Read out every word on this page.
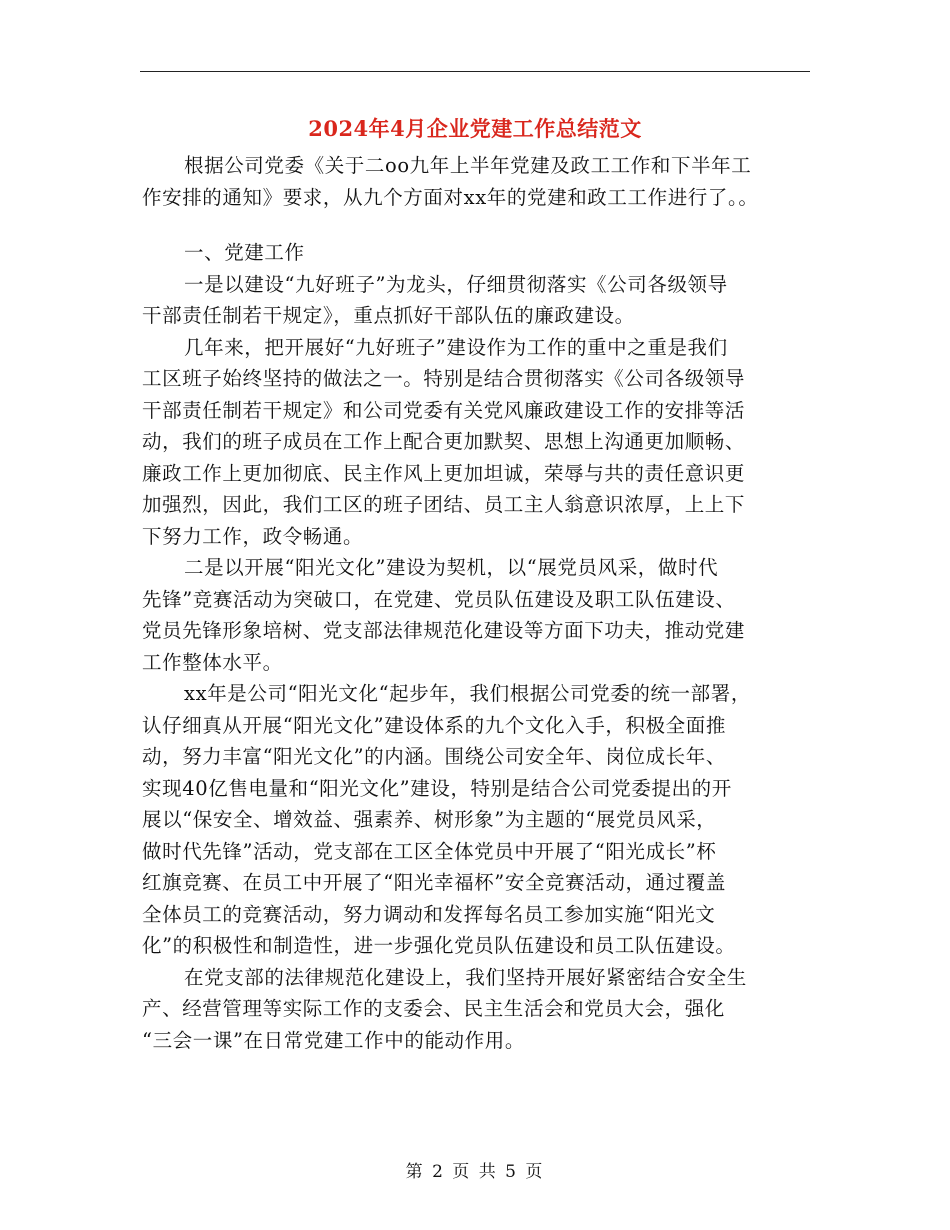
2024年4月企业党建工作总结范文
根据公司党委《关于二oo九年上半年党建及政工工作和下半年工
作安排的通知》要求，从九个方面对xx年的党建和政工工作进行了。。
一、党建工作
一是以建设“九好班子”为龙头，仔细贯彻落实《公司各级领导
干部责任制若干规定》，重点抓好干部队伍的廉政建设。
几年来，把开展好“九好班子”建设作为工作的重中之重是我们
工区班子始终坚持的做法之一。特别是结合贯彻落实《公司各级领导
干部责任制若干规定》和公司党委有关党风廉政建设工作的安排等活
动，我们的班子成员在工作上配合更加默契、思想上沟通更加顺畅、
廉政工作上更加彻底、民主作风上更加坦诚，荣辱与共的责任意识更
加强烈，因此，我们工区的班子团结、员工主人翁意识浓厚，上上下
下努力工作，政令畅通。
二是以开展“阳光文化”建设为契机，以“展党员风采，做时代
先锋”竞赛活动为突破口，在党建、党员队伍建设及职工队伍建设、
党员先锋形象培树、党支部法律规范化建设等方面下功夫，推动党建
工作整体水平。
xx年是公司“阳光文化“起步年，我们根据公司党委的统一部署，
认仔细真从开展“阳光文化”建设体系的九个文化入手，积极全面推
动，努力丰富“阳光文化”的内涵。围绕公司安全年、岗位成长年、
实现40亿售电量和“阳光文化”建设，特别是结合公司党委提出的开
展以“保安全、增效益、强素养、树形象”为主题的“展党员风采，
做时代先锋”活动，党支部在工区全体党员中开展了“阳光成长”杯
红旗竞赛、在员工中开展了“阳光幸福杯”安全竞赛活动，通过覆盖
全体员工的竞赛活动，努力调动和发挥每名员工参加实施“阳光文
化”的积极性和制造性，进一步强化党员队伍建设和员工队伍建设。
在党支部的法律规范化建设上，我们坚持开展好紧密结合安全生
产、经营管理等实际工作的支委会、民主生活会和党员大会，强化
“三会一课”在日常党建工作中的能动作用。
第 2 页 共 5 页
